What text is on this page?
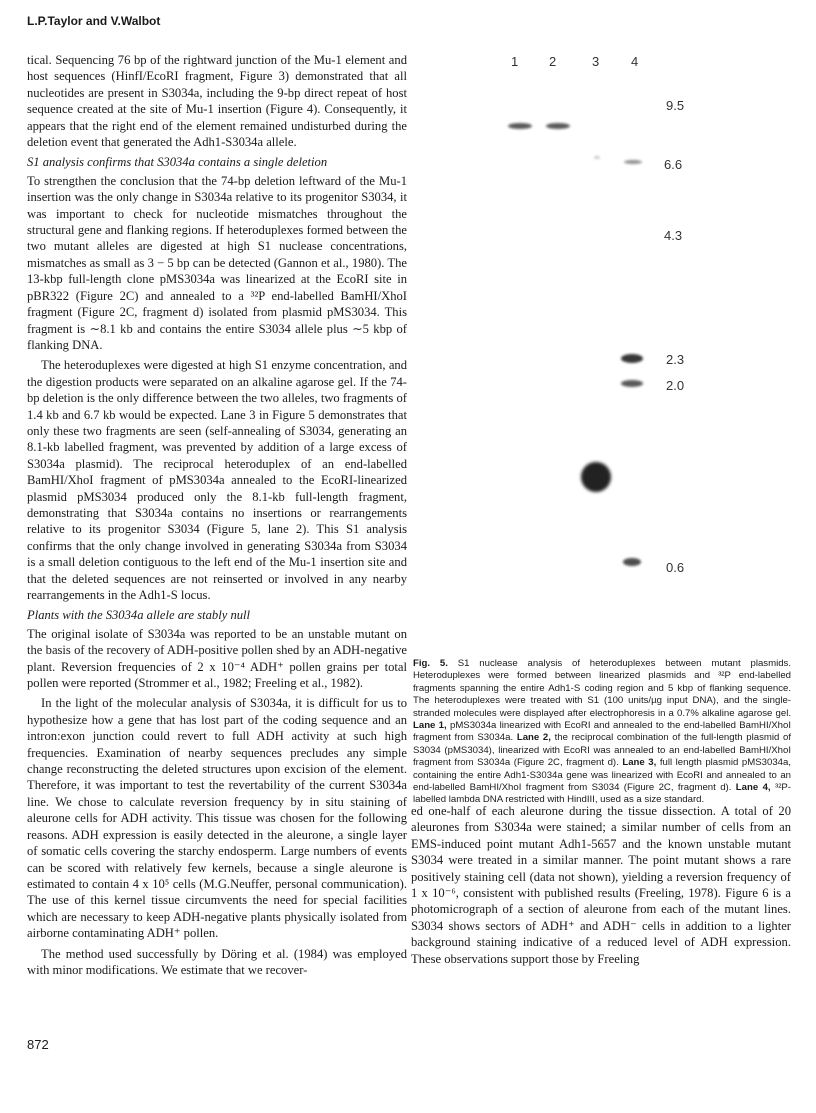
L.P.Taylor and V.Walbot

tical. Sequencing 76 bp of the rightward junction of the Mu-1 element and host sequences (HinfI/EcoRI fragment, Figure 3) demonstrated that all nucleotides are present in S3034a, including the 9-bp direct repeat of host sequence created at the site of Mu-1 insertion (Figure 4). Consequently, it appears that the right end of the element remained undisturbed during the deletion event that generated the Adh1-S3034a allele.

S1 analysis confirms that S3034a contains a single deletion

To strengthen the conclusion that the 74-bp deletion leftward of the Mu-1 insertion was the only change in S3034a relative to its progenitor S3034, it was important to check for nucleotide mismatches throughout the structural gene and flanking regions. If heteroduplexes formed between the two mutant alleles are digested at high S1 nuclease concentrations, mismatches as small as 3 − 5 bp can be detected (Gannon et al., 1980). The 13-kbp full-length clone pMS3034a was linearized at the EcoRI site in pBR322 (Figure 2C) and annealed to a ³²P end-labelled BamHI/XhoI fragment (Figure 2C, fragment d) isolated from plasmid pMS3034. This fragment is ∼8.1 kb and contains the entire S3034 allele plus ∼5 kbp of flanking DNA.

The heteroduplexes were digested at high S1 enzyme concentration, and the digestion products were separated on an alkaline agarose gel. If the 74-bp deletion is the only difference between the two alleles, two fragments of 1.4 kb and 6.7 kb would be expected. Lane 3 in Figure 5 demonstrates that only these two fragments are seen (self-annealing of S3034, generating an 8.1-kb labelled fragment, was prevented by addition of a large excess of S3034a plasmid). The reciprocal heteroduplex of an end-labelled BamHI/XhoI fragment of pMS3034a annealed to the EcoRI-linearized plasmid pMS3034 produced only the 8.1-kb full-length fragment, demonstrating that S3034a contains no insertions or rearrangements relative to its progenitor S3034 (Figure 5, lane 2). This S1 analysis confirms that the only change involved in generating S3034a from S3034 is a small deletion contiguous to the left end of the Mu-1 insertion site and that the deleted sequences are not reinserted or involved in any nearby rearrangements in the Adh1-S locus.

Plants with the S3034a allele are stably null

The original isolate of S3034a was reported to be an unstable mutant on the basis of the recovery of ADH-positive pollen shed by an ADH-negative plant. Reversion frequencies of 2 x 10⁻⁴ ADH⁺ pollen grains per total pollen were reported (Strommer et al., 1982; Freeling et al., 1982).

In the light of the molecular analysis of S3034a, it is difficult for us to hypothesize how a gene that has lost part of the coding sequence and an intron:exon junction could revert to full ADH activity at such high frequencies. Examination of nearby sequences precludes any simple change reconstructing the deleted structures upon excision of the element. Therefore, it was important to test the revertability of the current S3034a line. We chose to calculate reversion frequency by in situ staining of aleurone cells for ADH activity. This tissue was chosen for the following reasons. ADH expression is easily detected in the aleurone, a single layer of somatic cells covering the starchy endosperm. Large numbers of events can be scored with relatively few kernels, because a single aleurone is estimated to contain 4 x 10⁵ cells (M.G.Neuffer, personal communication). The use of this kernel tissue circumvents the need for special facilities which are necessary to keep ADH-negative plants physically isolated from airborne contaminating ADH⁺ pollen.

The method used successfully by Döring et al. (1984) was employed with minor modifications. We estimate that we recover-

1 2	3 4
9.5
6.6
4.3
2.3
2.0
0.6
Fig. 5. S1 nuclease analysis of heteroduplexes between mutant plasmids. Heteroduplexes were formed between linearized plasmids and ³²P end-labelled fragments spanning the entire Adh1-S coding region and 5 kbp of flanking sequence. The heteroduplexes were treated with S1 (100 units/µg input DNA), and the single-stranded molecules were displayed after electrophoresis in a 0.7% alkaline agarose gel. Lane 1, pMS3034a linearized with EcoRI and annealed to the end-labelled BamHI/XhoI fragment from S3034a. Lane 2, the reciprocal combination of the full-length plasmid of S3034 (pMS3034), linearized with EcoRI was annealed to an end-labelled BamHI/XhoI fragment from S3034a (Figure 2C, fragment d). Lane 3, full length plasmid pMS3034a, containing the entire Adh1-S3034a gene was linearized with EcoRI and annealed to an end-labelled BamHI/XhoI fragment from S3034 (Figure 2C, fragment d). Lane 4, ³²P-labelled lambda DNA restricted with HindIII, used as a size standard.

ed one-half of each aleurone during the tissue dissection. A total of 20 aleurones from S3034a were stained; a similar number of cells from an EMS-induced point mutant Adh1-5657 and the known unstable mutant S3034 were treated in a similar manner. The point mutant shows a rare positively staining cell (data not shown), yielding a reversion frequency of 1 x 10⁻⁶, consistent with published results (Freeling, 1978). Figure 6 is a photomicrograph of a section of aleurone from each of the mutant lines. S3034 shows sectors of ADH⁺ and ADH⁻ cells in addition to a lighter background staining indicative of a reduced level of ADH expression. These observations support those by Freeling

872
